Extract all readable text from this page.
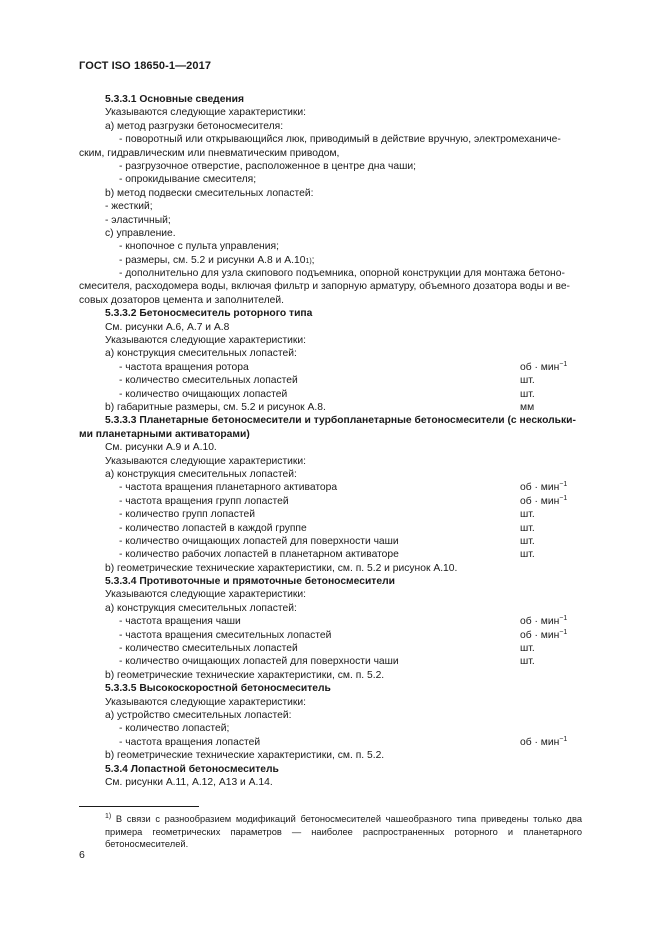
ГОСТ ISO 18650-1—2017
5.3.3.1 Основные сведения
Указываются следующие характеристики:
a) метод разгрузки бетоносмесителя:
- поворотный или открывающийся люк, приводимый в действие вручную, электромеханиче-
ским, гидравлическим или пневматическим приводом,
- разгрузочное отверстие, расположенное в центре дна чаши;
- опрокидывание смесителя;
b) метод подвески смесительных лопастей:
- жесткий;
- эластичный;
c) управление.
- кнопочное с пульта управления;
- размеры, см. 5.2 и рисунки А.8 и А.10 1) ;
- дополнительно для узла скипового подъемника, опорной конструкции для монтажа бетоно-
смесителя, расходомера воды, включая фильтр и запорную арматуру, объемного дозатора воды и ве-
совых дозаторов цемента и заполнителей.
5.3.3.2 Бетоносмеситель роторного типа
См. рисунки А.6, А.7 и А.8
Указываются следующие характеристики:
a) конструкция смесительных лопастей:
- частота вращения ротора	об · мин$^{-1}$
- количество смесительных лопастей	шт.
- количество очищающих лопастей	шт.
b) габаритные размеры, см. 5.2 и рисунок А.8.	мм
5.3.3.3 Планетарные бетоносмесители и турбопланетарные бетоносмесители (с нескольки-
ми планетарными активаторами)
См. рисунки А.9 и А.10.
Указываются следующие характеристики:
a) конструкция смесительных лопастей:
- частота вращения планетарного активатора	об · мин$^{-1}$
- частота вращения групп лопастей	об · мин$^{-1}$
- количество групп лопастей	шт.
- количество лопастей в каждой группе	шт.
- количество очищающих лопастей для поверхности чаши	шт.
- количество рабочих лопастей в планетарном активаторе	шт.
b) геометрические технические характеристики, см. п. 5.2 и рисунок А.10.
5.3.3.4 Противоточные и прямоточные бетоносмесители
Указываются следующие характеристики:
a) конструкция смесительных лопастей:
- частота вращения чаши	об · мин$^{-1}$
- частота вращения смесительных лопастей	об · мин$^{-1}$
- количество смесительных лопастей	шт.
- количество очищающих лопастей для поверхности чаши	шт.
b) геометрические технические характеристики, см. п. 5.2.
5.3.3.5 Высокоскоростной бетоносмеситель
Указываются следующие характеристики:
a) устройство смесительных лопастей:
- количество лопастей;
- частота вращения лопастей	об · мин$^{-1}$
b) геометрические технические характеристики, см. п. 5.2.
5.3.4 Лопастной бетоносмеситель
См. рисунки А.11, А.12, А13 и А.14.
$^{1)}$ В связи с разнообразием модификаций бетоносмесителей чашеобразного типа приведены только два примера геометрических параметров — наиболее распространенных роторного и планетарного бетоносмесителей.
6
